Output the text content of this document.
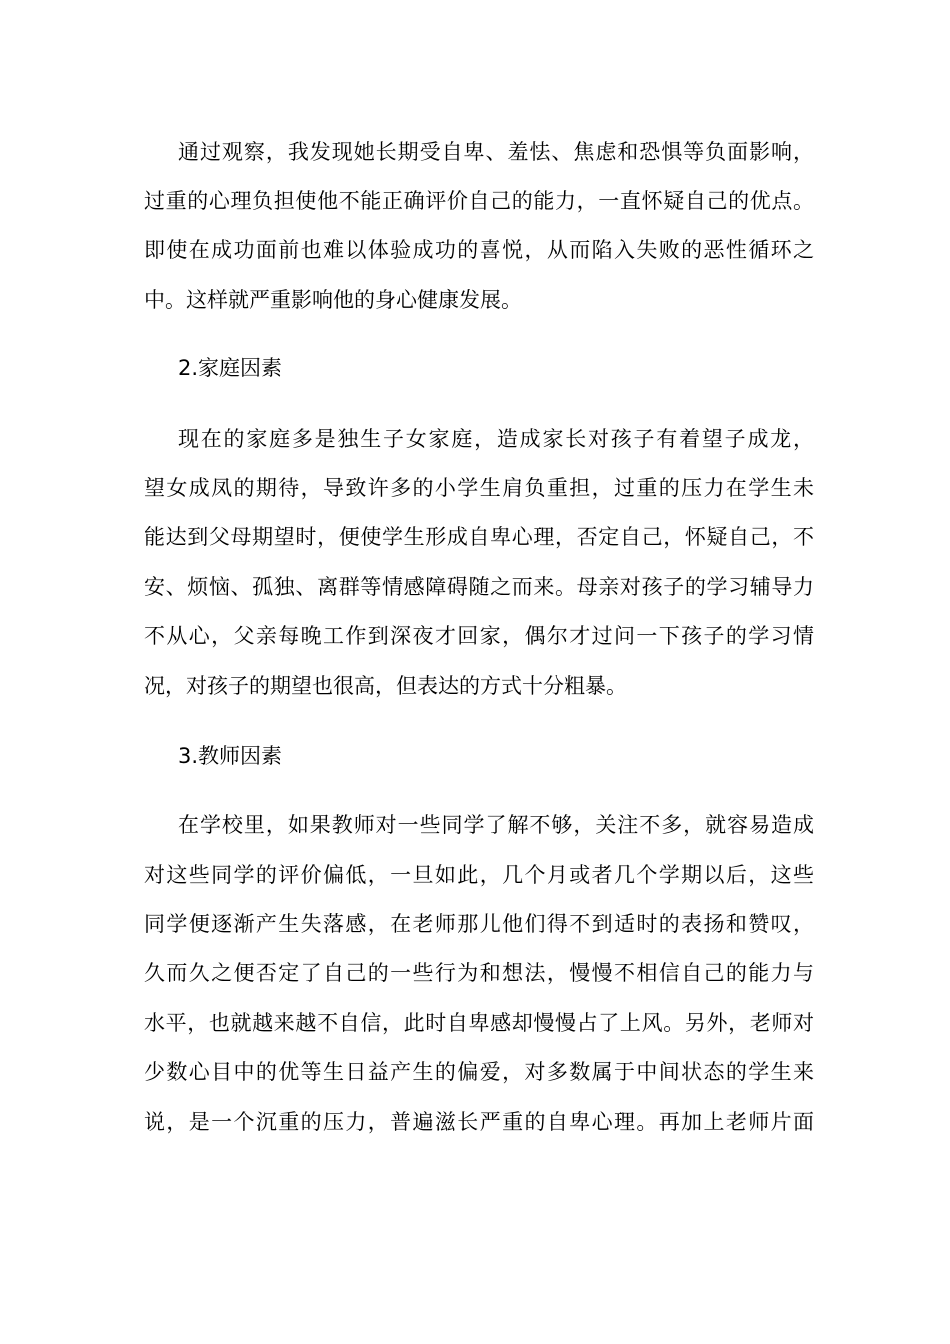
通过观察，我发现她长期受自卑、羞怯、焦虑和恐惧等负面影响，
过重的心理负担使他不能正确评价自己的能力，一直怀疑自己的优点。
即使在成功面前也难以体验成功的喜悦，从而陷入失败的恶性循环之
中。这样就严重影响他的身心健康发展。
2.家庭因素
现在的家庭多是独生子女家庭，造成家长对孩子有着望子成龙，
望女成凤的期待，导致许多的小学生肩负重担，过重的压力在学生未
能达到父母期望时，便使学生形成自卑心理，否定自己，怀疑自己，不
安、烦恼、孤独、离群等情感障碍随之而来。母亲对孩子的学习辅导力
不从心，父亲每晚工作到深夜才回家，偶尔才过问一下孩子的学习情
况，对孩子的期望也很高，但表达的方式十分粗暴。
3.教师因素
在学校里，如果教师对一些同学了解不够，关注不多，就容易造成
对这些同学的评价偏低，一旦如此，几个月或者几个学期以后，这些
同学便逐渐产生失落感，在老师那儿他们得不到适时的表扬和赞叹，
久而久之便否定了自己的一些行为和想法，慢慢不相信自己的能力与
水平，也就越来越不自信，此时自卑感却慢慢占了上风。另外，老师对
少数心目中的优等生日益产生的偏爱，对多数属于中间状态的学生来
说，是一个沉重的压力，普遍滋长严重的自卑心理。再加上老师片面
